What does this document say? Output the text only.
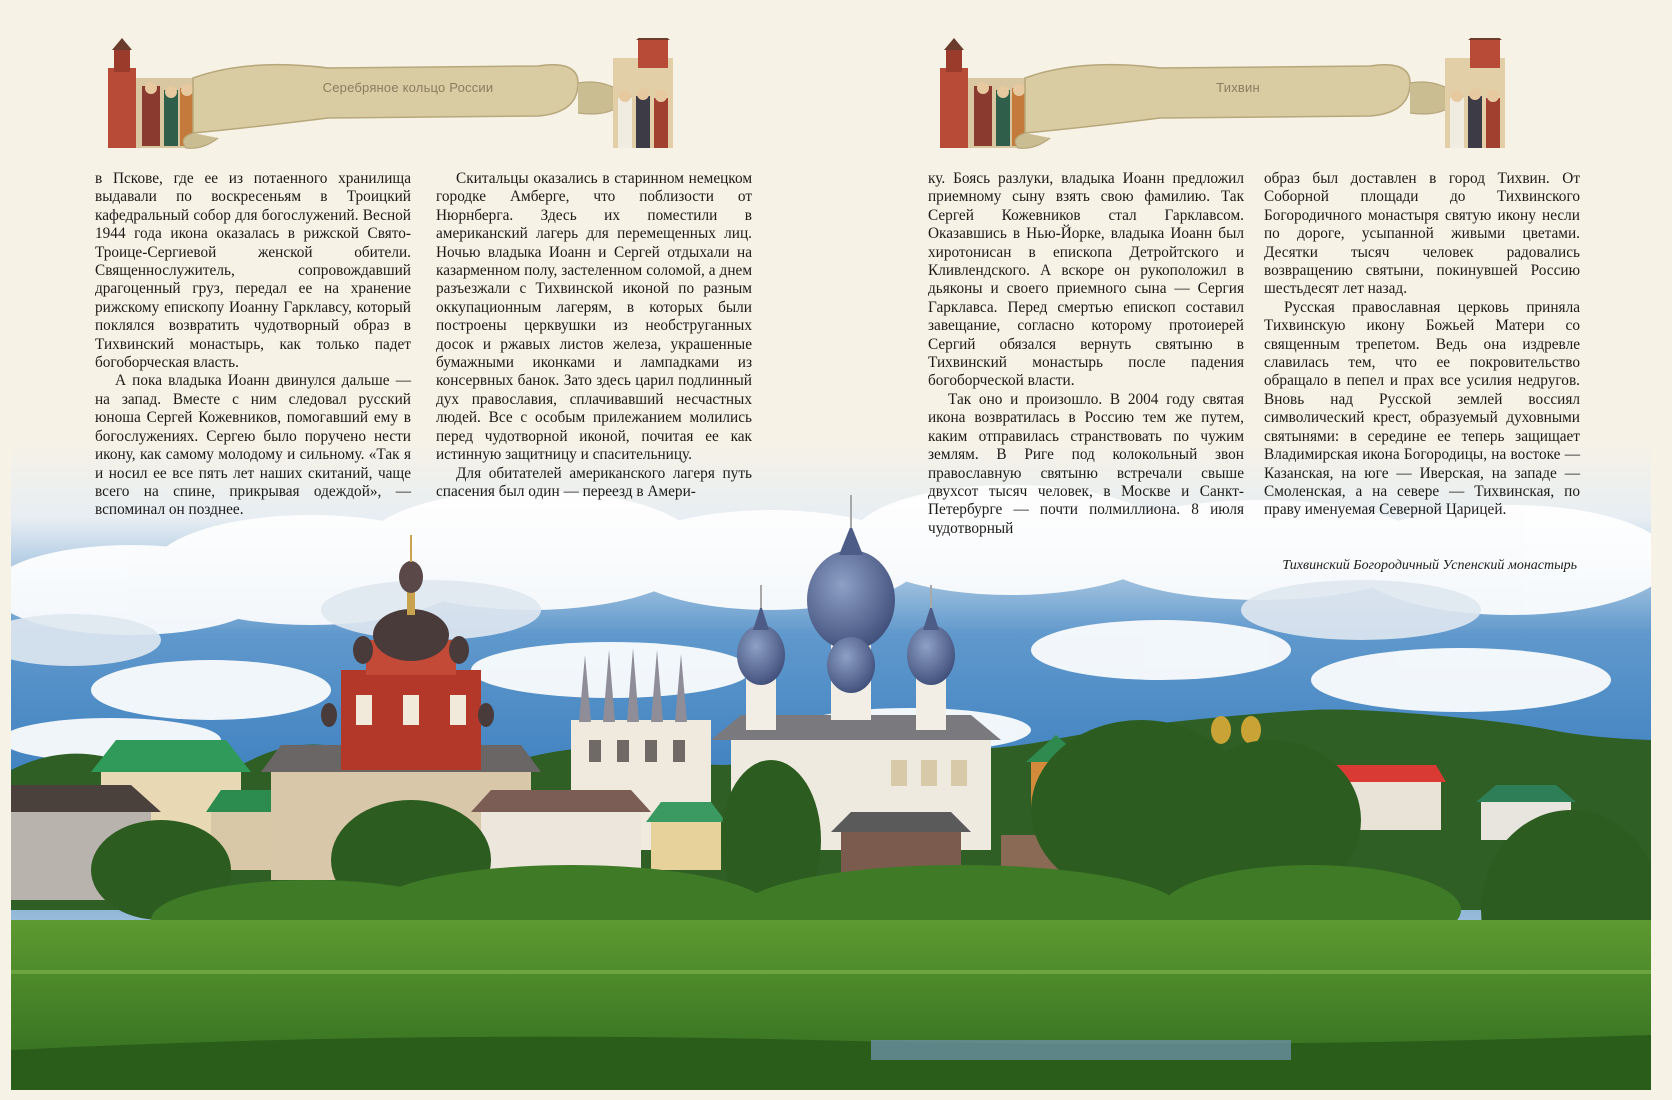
Серебряное кольцо России	Тихвин

в Пскове, где ее из потаенного хранилища выдавали по воскресеньям в Троицкий кафедральный собор для богослужений. Весной 1944 года икона оказалась в рижской Свято-Троице-Сергиевой женской обители. Священнослужитель, сопровождавший драгоценный груз, передал ее на хранение рижскому епископу Иоанну Гарклавсу, который поклялся возвратить чудотворный образ в Тихвинский монастырь, как только падет богоборческая власть.

А пока владыка Иоанн двинулся дальше — на запад. Вместе с ним следовал русский юноша Сергей Кожевников, помогавший ему в богослужениях. Сергею было поручено нести икону, как самому молодому и сильному. «Так я и носил ее все пять лет наших скитаний, чаще всего на спине, прикрывая одеждой», — вспоминал он позднее.

Скитальцы оказались в старинном немецком городке Амберге, что поблизости от Нюрнберга. Здесь их поместили в американский лагерь для перемещенных лиц. Ночью владыка Иоанн и Сергей отдыхали на казарменном полу, застеленном соломой, а днем разъезжали с Тихвинской иконой по разным оккупационным лагерям, в которых были построены церквушки из необструганных досок и ржавых листов железа, украшенные бумажными иконками и лампадками из консервных банок. Зато здесь царил подлинный дух православия, сплачивавший несчастных людей. Все с особым прилежанием молились перед чудотворной иконой, почитая ее как истинную защитницу и спасительницу.

Для обитателей американского лагеря путь спасения был один — переезд в Амери-

ку. Боясь разлуки, владыка Иоанн предложил приемному сыну взять свою фамилию. Так Сергей Кожевников стал Гарклавсом. Оказавшись в Нью-Йорке, владыка Иоанн был хиротонисан в епископа Детройтского и Кливлендского. А вскоре он рукоположил в дьяконы и своего приемного сына — Сергия Гарклавса. Перед смертью епископ составил завещание, согласно которому протоиерей Сергий обязался вернуть святыню в Тихвинский монастырь после падения богоборческой власти.

Так оно и произошло. В 2004 году святая икона возвратилась в Россию тем же путем, каким отправилась странствовать по чужим землям. В Риге под колокольный звон православную святыню встречали свыше двухсот тысяч человек, в Москве и Санкт-Петербурге — почти полмиллиона. 8 июля чудотворный

образ был доставлен в город Тихвин. От Соборной площади до Тихвинского Богородичного монастыря святую икону несли по дороге, усыпанной живыми цветами. Десятки тысяч человек радовались возвращению святыни, покинувшей Россию шестьдесят лет назад.

Русская православная церковь приняла Тихвинскую икону Божьей Матери со священным трепетом. Ведь она издревле славилась тем, что ее покровительство обращало в пепел и прах все усилия недругов. Вновь над Русской землей воссиял символический крест, образуемый духовными святынями: в середине ее теперь защищает Владимирская икона Богородицы, на востоке — Казанская, на юге — Иверская, на западе — Смоленская, а на севере — Тихвинская, по праву именуемая Северной Царицей.

Тихвинский Богородичный Успенский монастырь
